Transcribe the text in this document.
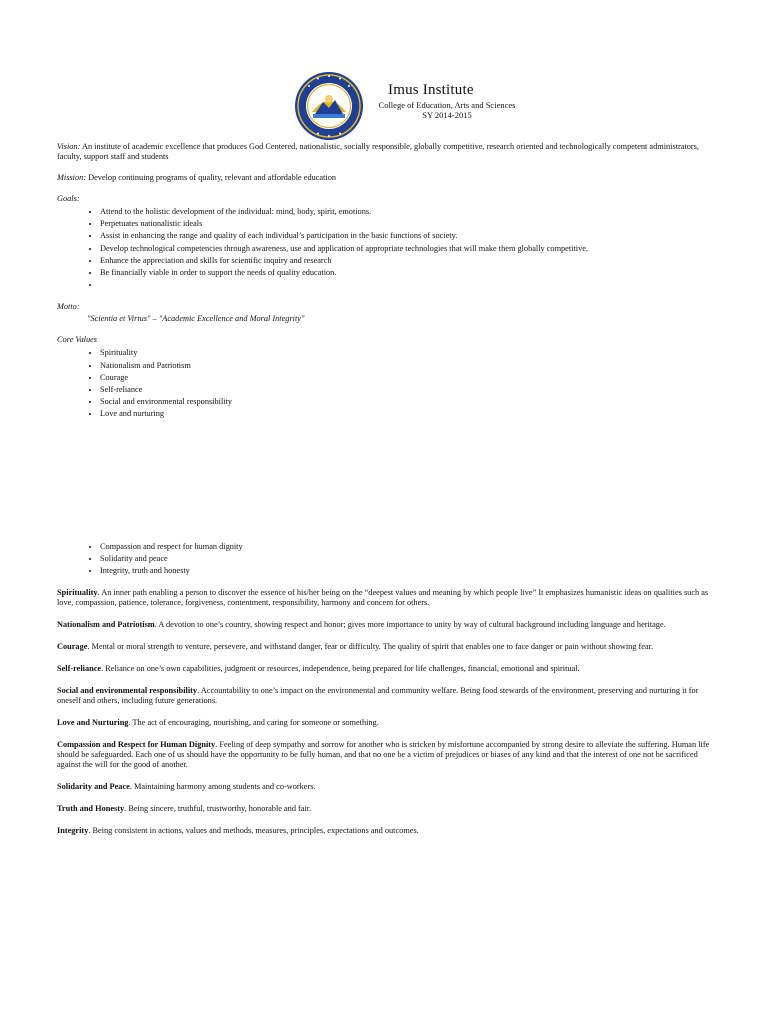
Imus Institute
College of Education, Arts and Sciences
SY 2014-2015

Vision: An institute of academic excellence that produces God Centered, nationalistic, socially responsible, globally competitive, research oriented and technologically competent administrators, faculty, support staff and students

Mission: Develop continuing programs of quality, relevant and affordable education

Goals:
• Attend to the holistic development of the individual: mind, body, spirit, emotions.
• Perpetuates nationalistic ideals
• Assist in enhancing the range and quality of each individual’s participation in the basic functions of society.
• Develop technological competencies through awareness, use and application of appropriate technologies that will make them globally competitive.
• Enhance the appreciation and skills for scientific inquiry and research
• Be financially viable in order to support the needs of quality education.
•
Motto:
"Scientia et Virtus" – "Academic Excellence and Moral Integrity"
Core Values
• Spirituality
• Nationalism and Patriotism
• Courage
• Self-reliance
• Social and environmental responsibility
• Love and nurturing
• Compassion and respect for human dignity
• Solidarity and peace
• Integrity, truth and honesty

Spirituality. An inner path enabling a person to discover the essence of his/her being on the “deepest values and meaning by which people live” It emphasizes humanistic ideas on qualities such as love, compassion, patience, tolerance, forgiveness, contentment, responsibility, harmony and concern for others.

Nationalism and Patriotism. A devotion to one’s country, showing respect and honor; gives more importance to unity by way of cultural background including language and heritage.

Courage. Mental or moral strength to venture, persevere, and withstand danger, fear or difficulty. The quality of spirit that enables one to face danger or pain without showing fear.

Self-reliance. Reliance on one’s own capabilities, judgment or resources, independence, being prepared for life challenges, financial, emotional and spiritual.

Social and environmental responsibility. Accountability to one’s impact on the environmental and community welfare. Being food stewards of the environment, preserving and nurturing it for oneself and others, including future generations.

Love and Nurturing. The act of encouraging, nourishing, and caring for someone or something.

Compassion and Respect for Human Dignity. Feeling of deep sympathy and sorrow for another who is stricken by misfortune accompanied by strong desire to alleviate the suffering. Human life should be safeguarded. Each one of us should have the opportunity to be fully human, and that no one be a victim of prejudices or biases of any kind and that the interest of one not be sacrificed against the will for the good of another.

Solidarity and Peace. Maintaining harmony among students and co-workers.

Truth and Honesty. Being sincere, truthful, trustworthy, honorable and fair.

Integrity. Being consistent in actions, values and methods, measures, principles, expectations and outcomes.
